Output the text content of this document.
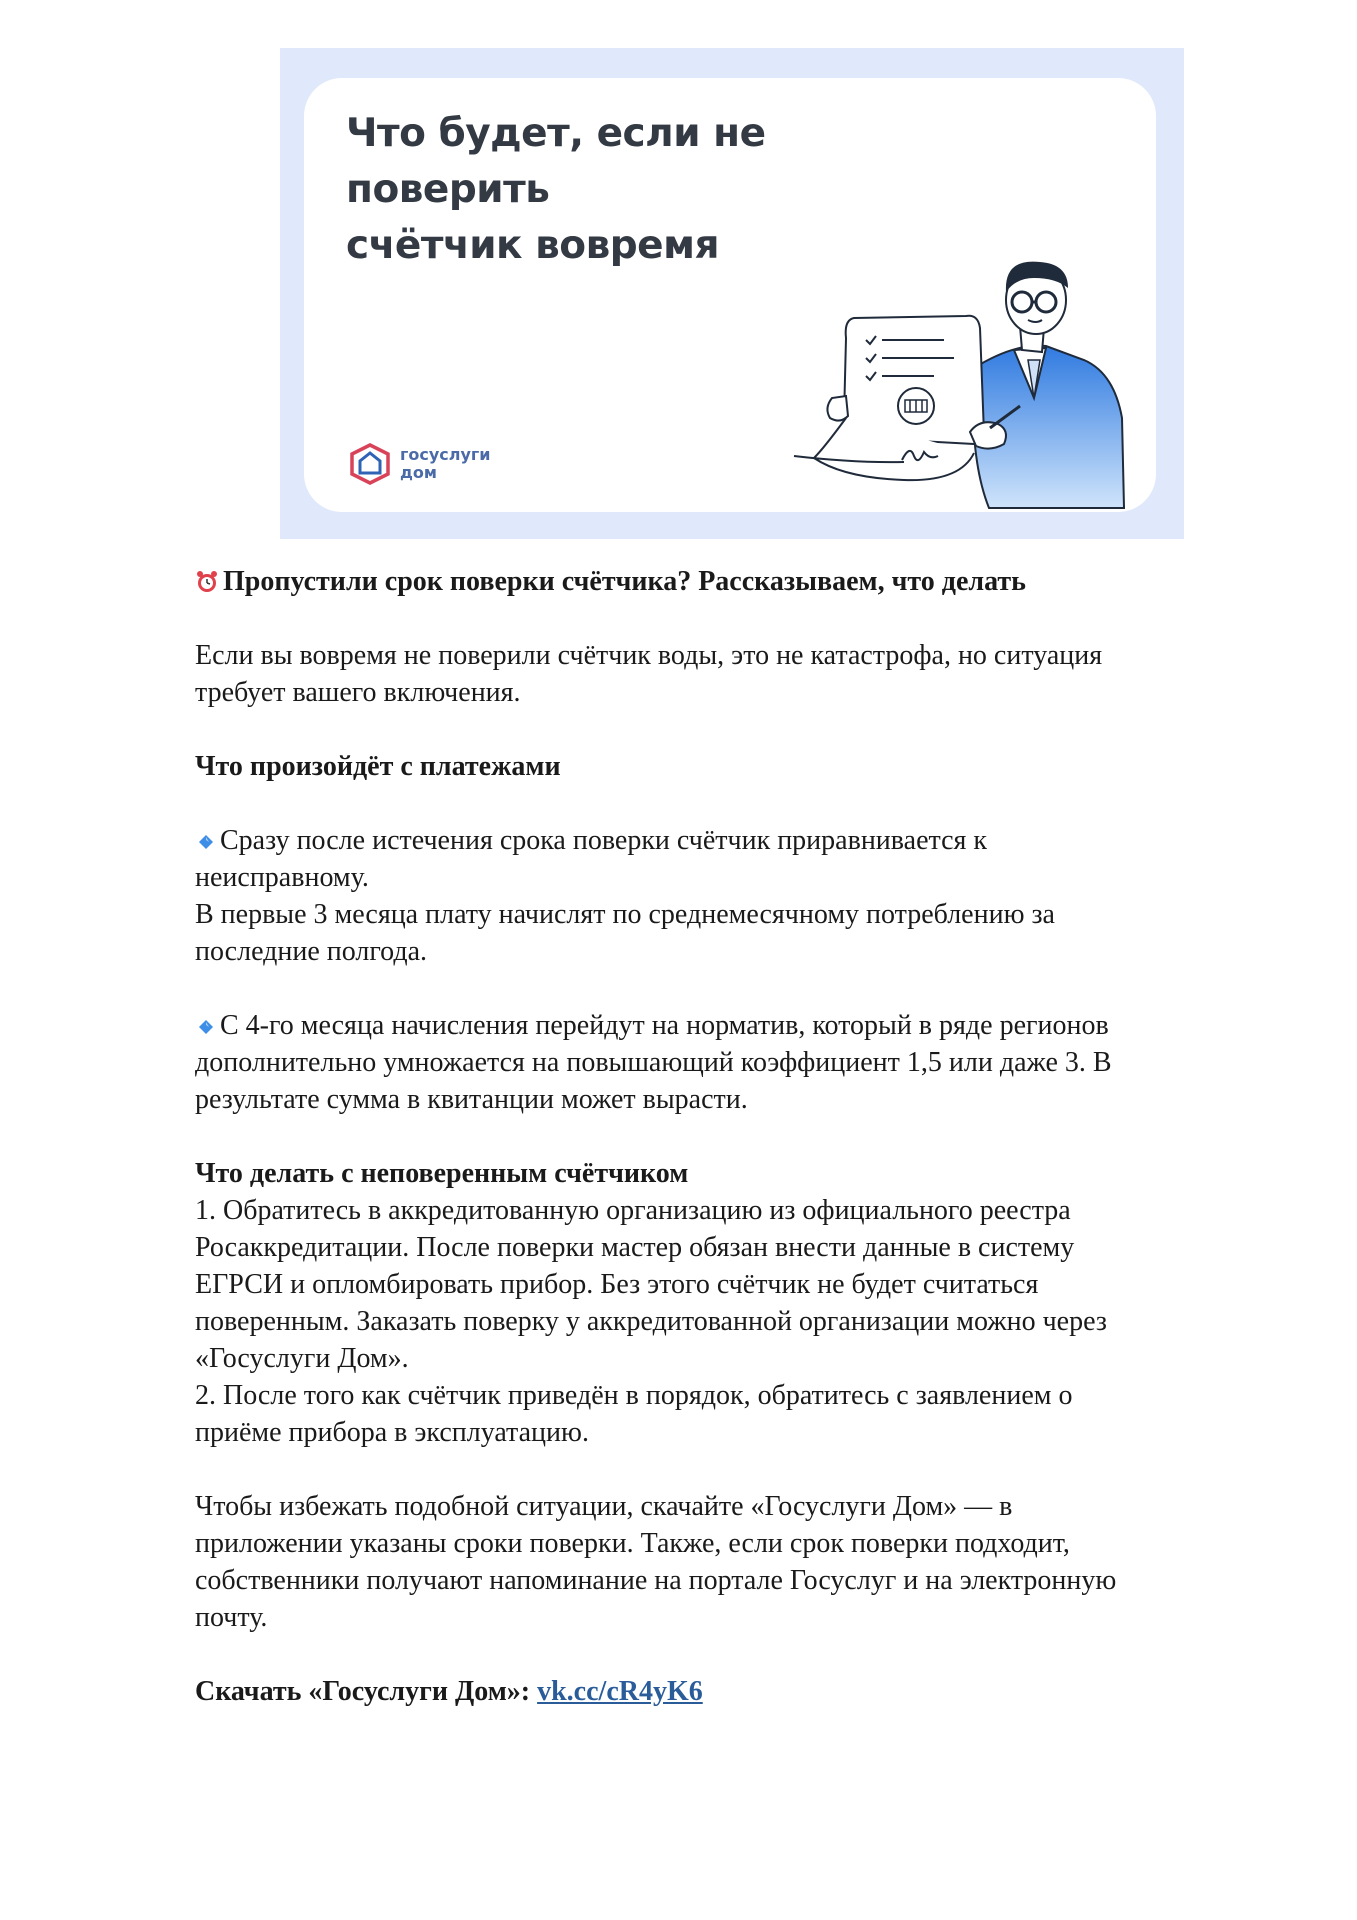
Что будет, если не поверить
счётчик вовремя
госуслуги
дом

Пропустили срок поверки счётчика? Рассказываем, что делать

Если вы вовремя не поверили счётчик воды, это не катастрофа, но ситуация

требует вашего включения.

Что произойдёт с платежами

Сразу после истечения срока поверки счётчик приравнивается к

неисправному.

В первые 3 месяца плату начислят по среднемесячному потреблению за

последние полгода.

С 4-го месяца начисления перейдут на норматив, который в ряде регионов

дополнительно умножается на повышающий коэффициент 1,5 или даже 3. В

результате сумма в квитанции может вырасти.

Что делать с неповеренным счётчиком

1. Обратитесь в аккредитованную организацию из официального реестра

Росаккредитации. После поверки мастер обязан внести данные в систему

ЕГРСИ и опломбировать прибор. Без этого счётчик не будет считаться

поверенным. Заказать поверку у аккредитованной организации можно через

«Госуслуги Дом».

2. После того как счётчик приведён в порядок, обратитесь с заявлением о

приёме прибора в эксплуатацию.

Чтобы избежать подобной ситуации, скачайте «Госуслуги Дом» — в

приложении указаны сроки поверки. Также, если срок поверки подходит,

собственники получают напоминание на портале Госуслуг и на электронную

почту.

Скачать «Госуслуги Дом»: vk.cc/cR4yK6
